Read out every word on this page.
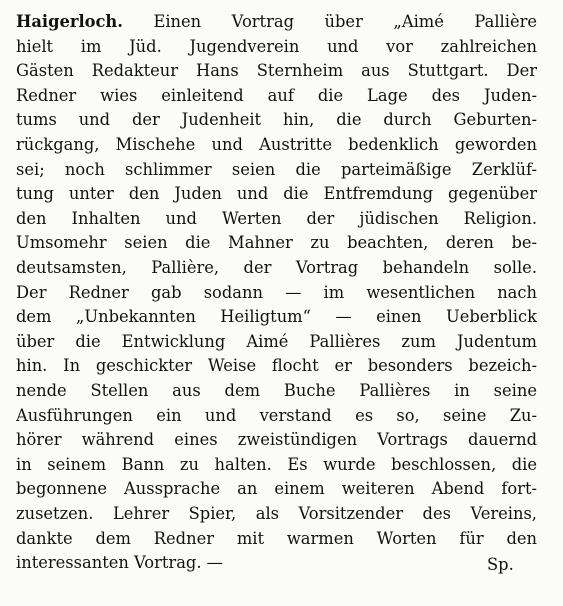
Haigerloch. Einen Vortrag über „Aimé Pallière
hielt im Jüd. Jugendverein und vor zahlreichen
Gästen Redakteur Hans Sternheim aus Stuttgart. Der
Redner wies einleitend auf die Lage des Juden-
tums und der Judenheit hin, die durch Geburten-
rückgang, Mischehe und Austritte bedenklich geworden
sei; noch schlimmer seien die parteimäßige Zerklüf-
tung unter den Juden und die Entfremdung gegenüber
den Inhalten und Werten der jüdischen Religion.
Umsomehr seien die Mahner zu beachten, deren be-
deutsamsten, Pallière, der Vortrag behandeln solle.
Der Redner gab sodann — im wesentlichen nach
dem „Unbekannten Heiligtum“ — einen Ueberblick
über die Entwicklung Aimé Pallières zum Judentum
hin. In geschickter Weise flocht er besonders bezeich-
nende Stellen aus dem Buche Pallières in seine
Ausführungen ein und verstand es so, seine Zu-
hörer während eines zweistündigen Vortrags dauernd
in seinem Bann zu halten. Es wurde beschlossen, die
begonnene Aussprache an einem weiteren Abend fort-
zusetzen. Lehrer Spier, als Vorsitzender des Vereins,
dankte dem Redner mit warmen Worten für den
interessanten Vortrag. —	Sp.
